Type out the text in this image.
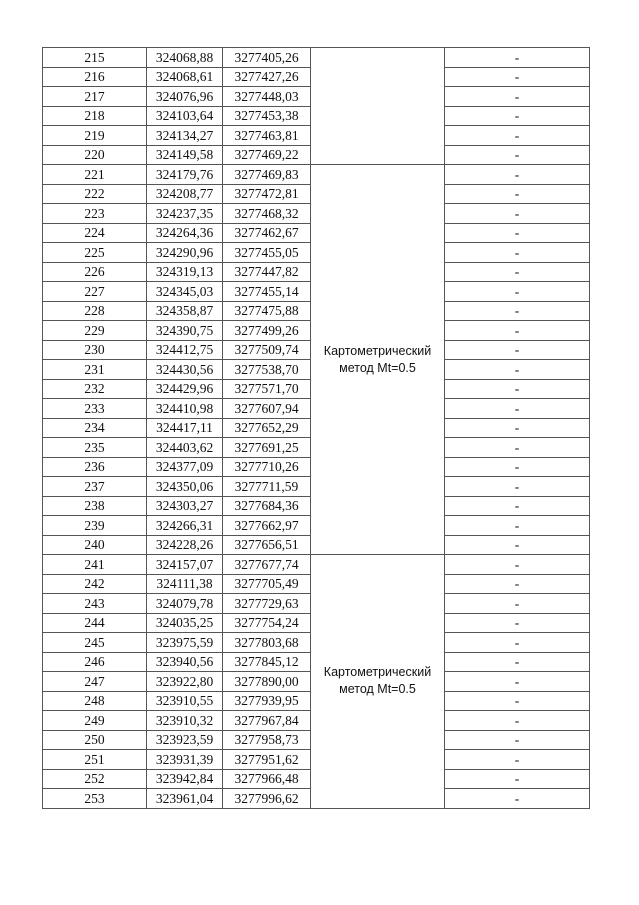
215	324068,88	3277405,26		-
216	324068,61	3277427,26		-
217	324076,96	3277448,03		-
218	324103,64	3277453,38		-
219	324134,27	3277463,81		-
220	324149,58	3277469,22		-
221	324179,76	3277469,83	Картометрический
метод Mt=0.5	-
222	324208,77	3277472,81		-
223	324237,35	3277468,32		-
224	324264,36	3277462,67		-
225	324290,96	3277455,05		-
226	324319,13	3277447,82		-
227	324345,03	3277455,14		-
228	324358,87	3277475,88		-
229	324390,75	3277499,26		-
230	324412,75	3277509,74		-
231	324430,56	3277538,70		-
232	324429,96	3277571,70		-
233	324410,98	3277607,94		-
234	324417,11	3277652,29		-
235	324403,62	3277691,25		-
236	324377,09	3277710,26		-
237	324350,06	3277711,59		-
238	324303,27	3277684,36		-
239	324266,31	3277662,97		-
240	324228,26	3277656,51		-
241	324157,07	3277677,74	Картометрический
метод Mt=0.5	-
242	324111,38	3277705,49		-
243	324079,78	3277729,63		-
244	324035,25	3277754,24		-
245	323975,59	3277803,68		-
246	323940,56	3277845,12		-
247	323922,80	3277890,00		-
248	323910,55	3277939,95		-
249	323910,32	3277967,84		-
250	323923,59	3277958,73		-
251	323931,39	3277951,62		-
252	323942,84	3277966,48		-
253	323961,04	3277996,62		-
